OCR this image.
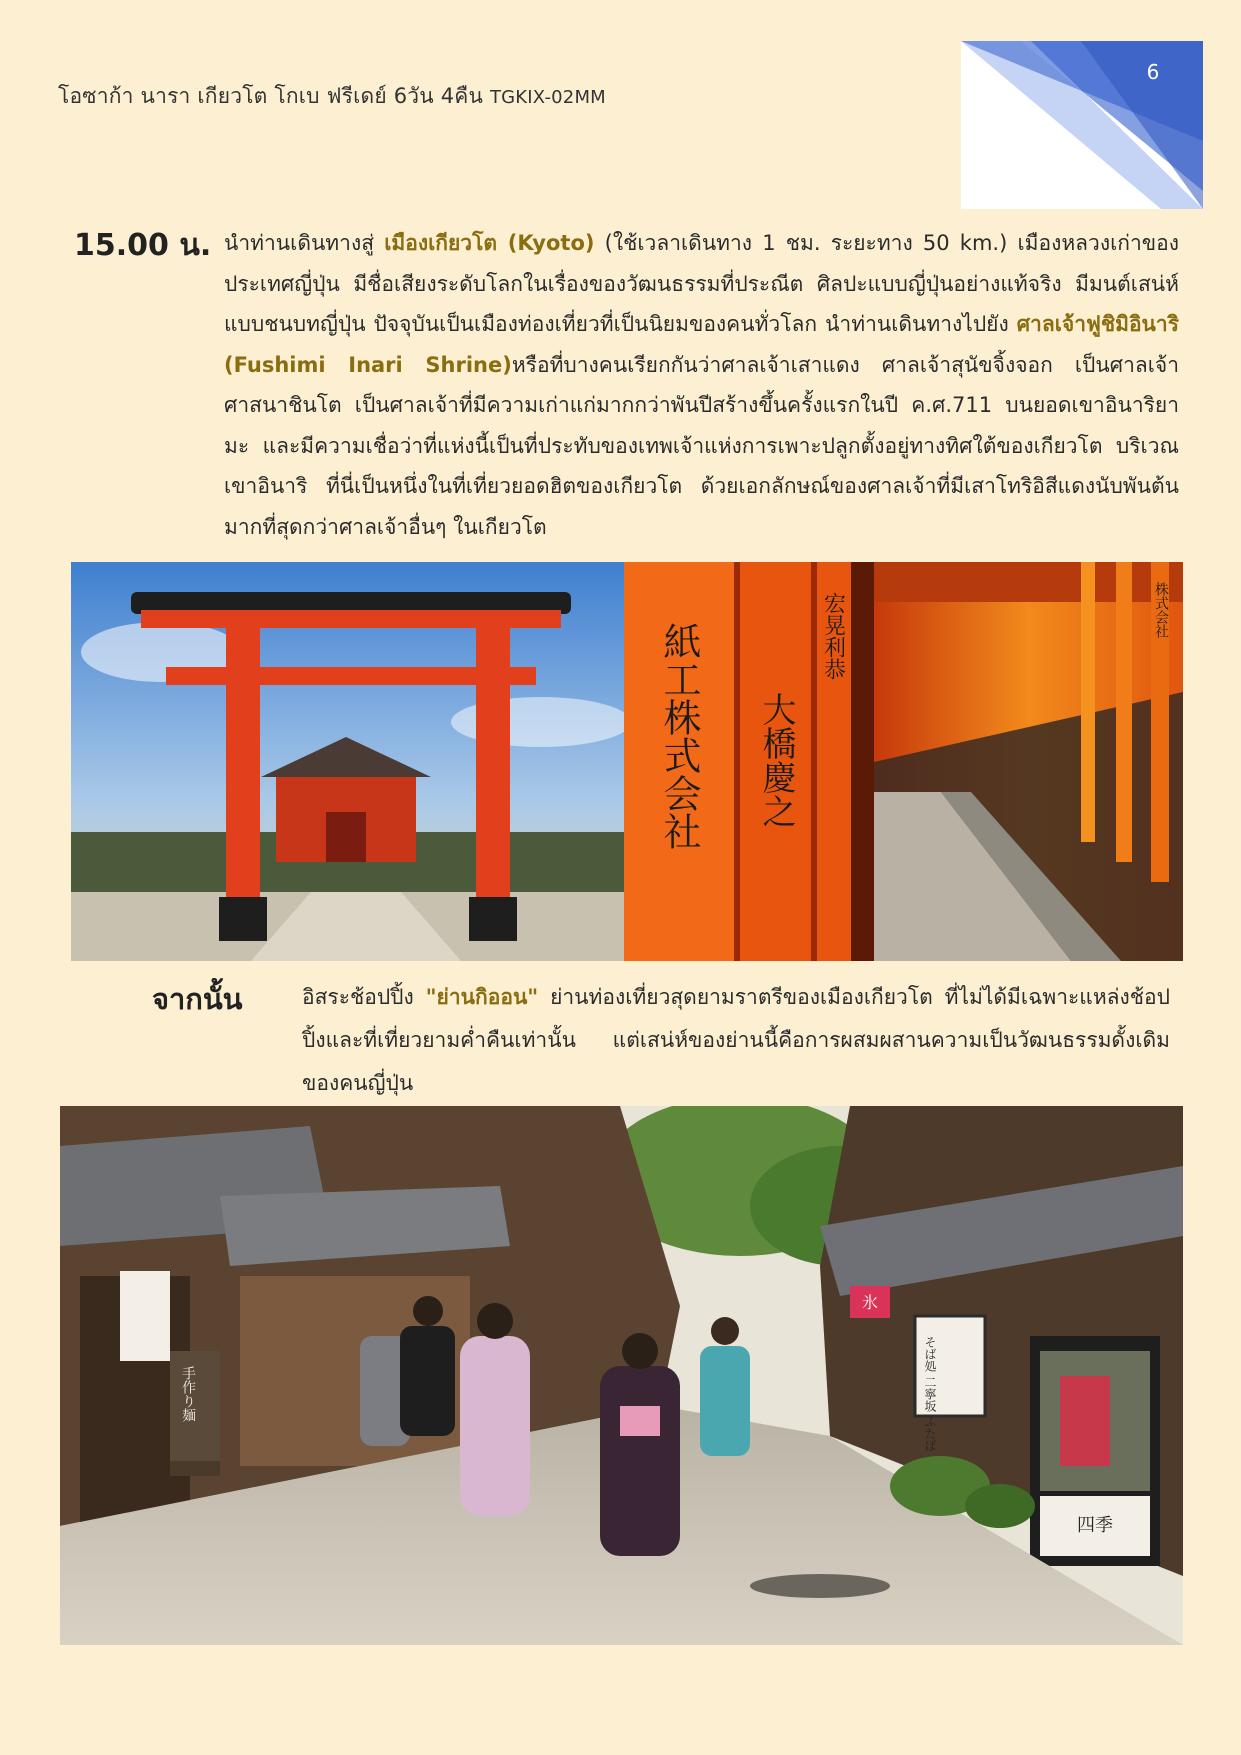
โอซาก้า นารา เกียวโต โกเบ ฟรีเดย์ 6วัน 4คืน TGKIX-02MM
6
15.00 น. นำท่านเดินทางสู่ เมืองเกียวโต (Kyoto) (ใช้เวลาเดินทาง 1 ชม. ระยะทาง 50 km.) เมืองหลวงเก่าของประเทศญี่ปุ่น มีชื่อเสียงระดับโลกในเรื่องของวัฒนธรรมที่ประณีต ศิลปะแบบญี่ปุ่นอย่างแท้จริง มีมนต์เสน่ห์แบบชนบทญี่ปุ่น ปัจจุบันเป็นเมืองท่องเที่ยวที่เป็นนิยมของคนทั่วโลก นำท่านเดินทางไปยัง ศาลเจ้าฟูชิมิอินาริ (Fushimi Inari Shrine)หรือที่บางคนเรียกกันว่าศาลเจ้าเสาแดง ศาลเจ้าสุนัขจิ้งจอก เป็นศาลเจ้าศาสนาชินโต เป็นศาลเจ้าที่มีความเก่าแก่มากกว่าพันปีสร้างขึ้นครั้งแรกในปี ค.ศ.711 บนยอดเขาอินาริยามะ และมีความเชื่อว่าที่แห่งนี้เป็นที่ประทับของเทพเจ้าแห่งการเพาะปลูกตั้งอยู่ทางทิศใต้ของเกียวโต บริเวณเขาอินาริ ที่นี่เป็นหนึ่งในที่เที่ยวยอดฮิตของเกียวโต ด้วยเอกลักษณ์ของศาลเจ้าที่มีเสาโทริอิสีแดงนับพันต้น มากที่สุดกว่าศาลเจ้าอื่นๆ ในเกียวโต
紙工株式会社 大橋慶之
宏晃利恭	株式会社
จากนั้น	อิสระช้อปปิ้ง "ย่านกิออน" ย่านท่องเที่ยวสุดยามราตรีของเมืองเกียวโต ที่ไม่ได้มีเฉพาะแหล่งช้อปปิ้งและที่เที่ยวยามค่ำคืนเท่านั้น แต่เสน่ห์ของย่านนี้คือการผสมผสานความเป็นวัฒนธรรมดั้งเดิมของคนญี่ปุ่น
そば処 二寧坂 ふたば
四季
氷
手作り麺
